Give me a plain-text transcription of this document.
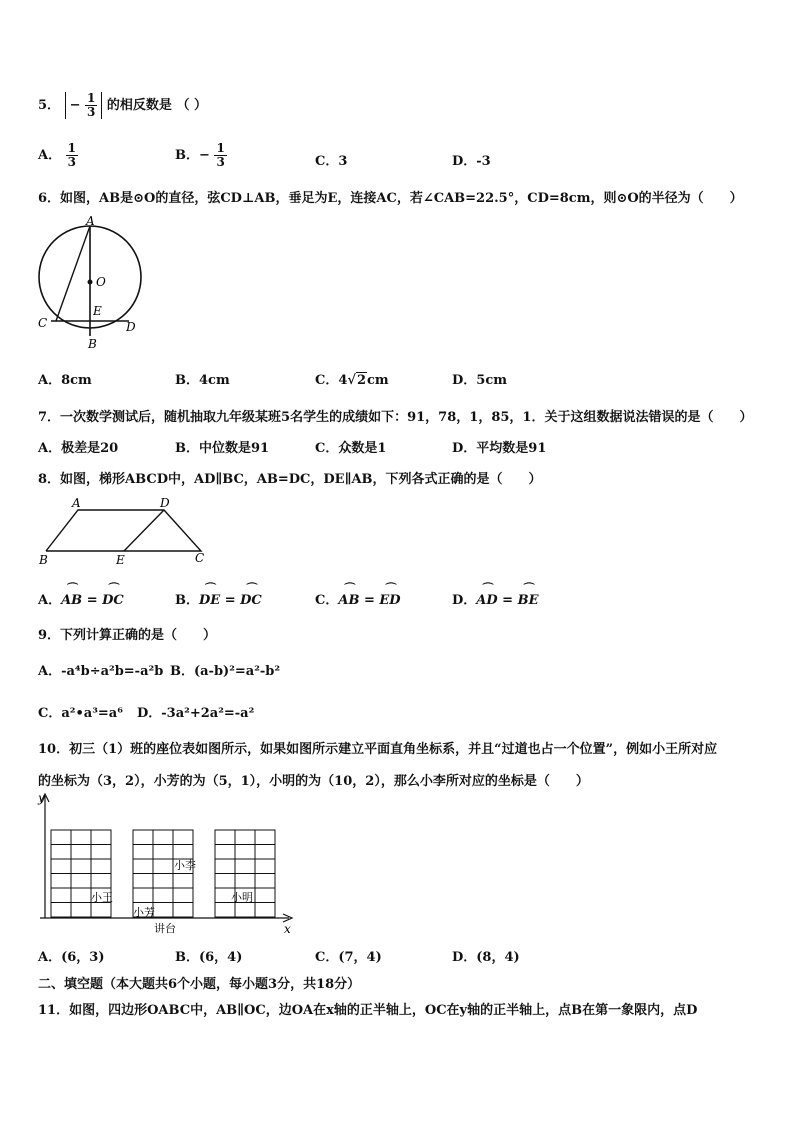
5． − $\frac{1}{3}$ 的相反数是 （ ）
A． $\frac{1}{3}$	B．− $\frac{1}{3}$	C．3	D．-3
6．如图，AB是⊙O的直径，弦CD⊥AB，垂足为E，连接AC，若∠CAB=22.5°，CD=8cm，则⊙O的半径为（　　）
A
O
C
E
D
B
A．8cm	B．4cm	C．4√2cm	D．5cm
7．一次数学测试后，随机抽取九年级某班5名学生的成绩如下：91，78，1，85，1．关于这组数据说法错误的是（　　）
A．极差是20	B．中位数是91	C．众数是1	D．平均数是91
8．如图，梯形ABCD中，AD∥BC，AB=DC，DE∥AB，下列各式正确的是（　　）
A	D
B	E	C
A．⌒ AB = ⌒ DC	B．⌒ DE = ⌒ DC	C．⌒ AB = ⌒ ED	D．⌒ AD = ⌒ BE
9．下列计算正确的是（　　）
A．-a⁴b÷a²b=-a²b B．(a-b)²=a²-b²
C．a²•a³=a⁶ D．-3a²+2a²=-a²
10．初三（1）班的座位表如图所示，如果如图所示建立平面直角坐标系，并且“过道也占一个位置”，例如小王所对应
的坐标为（3，2），小芳的为（5，1），小明的为（10，2），那么小李所对应的坐标是（　　）
y
x
小王
小芳
小李
小明
讲台
A．(6，3)	B．(6，4)	C．(7，4)	D．(8，4)
二、填空题（本大题共6个小题，每小题3分，共18分）
11．如图，四边形OABC中，AB∥OC，边OA在x轴的正半轴上，OC在y轴的正半轴上，点B在第一象限内，点D
